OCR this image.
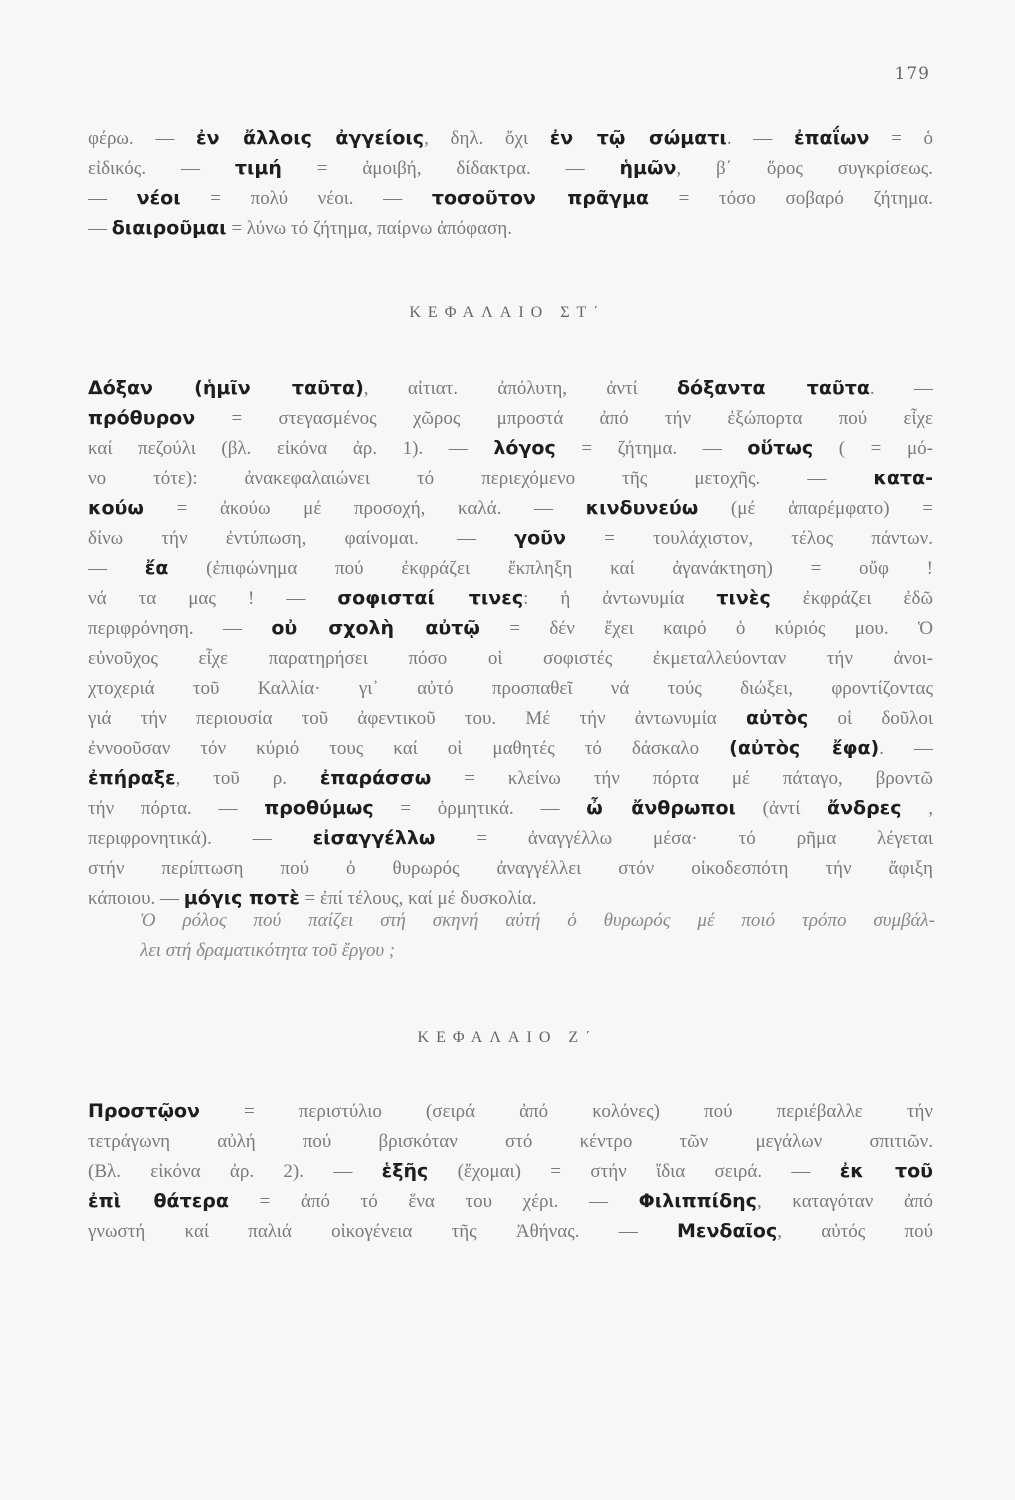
179
φέρω. — ἐν ἄλλοις ἀγγείοις, δηλ. ὄχι ἐν τῷ σώματι. — ἐπαΐων = ὁ
εἰδικός. — τιμή = ἀμοιβή, δίδακτρα. — ἡμῶν, β΄ ὅρος συγκρίσεως.
— νέοι = πολύ νέοι. — τοσοῦτον πρᾶγμα = τόσο σοβαρό ζήτημα.
— διαιροῦμαι = λύνω τό ζήτημα, παίρνω ἀπόφαση.
ΚΕΦΑΛΑΙΟ ΣΤ΄
Δόξαν (ἡμῖν ταῦτα), αἰτιατ. ἀπόλυτη, ἀντί δόξαντα ταῦτα. —
πρόθυρον = στεγασμένος χῶρος μπροστά ἀπό τήν ἐξώπορτα πού εἶχε
καί πεζούλι (βλ. εἰκόνα ἀρ. 1). — λόγος = ζήτημα. — οὕτως ( = μό-
νο τότε): ἀνακεφαλαιώνει τό περιεχόμενο τῆς μετοχῆς. — κατα-
κούω = ἀκούω μέ προσοχή, καλά. — κινδυνεύω (μέ ἀπαρέμφατο) =
δίνω τήν ἐντύπωση, φαίνομαι. — γοῦν = τουλάχιστον, τέλος πάντων.
— ἔα (ἐπιφώνημα πού ἐκφράζει ἔκπληξη καί ἀγανάκτηση) = οὔφ !
νά τα μας ! — σοφισταί τινες: ἡ ἀντωνυμία τινὲς ἐκφράζει ἐδῶ
περιφρόνηση. — οὐ σχολὴ αὐτῷ = δέν ἔχει καιρό ὁ κύριός μου. Ὁ
εὐνοῦχος εἶχε παρατηρήσει πόσο οἱ σοφιστές ἐκμεταλλεύονταν τήν ἀνοι-
χτοχεριά τοῦ Καλλία· γι᾽ αὐτό προσπαθεῖ νά τούς διώξει, φροντίζοντας
γιά τήν περιουσία τοῦ ἀφεντικοῦ του. Μέ τήν ἀντωνυμία αὐτὸς οἱ δοῦλοι
ἐννοοῦσαν τόν κύριό τους καί οἱ μαθητές τό δάσκαλο (αὐτὸς ἔφα). —
ἐπήραξε, τοῦ ρ. ἐπαράσσω = κλείνω τήν πόρτα μέ πάταγο, βροντῶ
τήν πόρτα. — προθύμως = ὁρμητικά. — ὦ ἄνθρωποι (ἀντί ἄνδρες ,
περιφρονητικά). — εἰσαγγέλλω = ἀναγγέλλω μέσα· τό ρῆμα λέγεται
στήν περίπτωση πού ὁ θυρωρός ἀναγγέλλει στόν οἰκοδεσπότη τήν ἄφιξη
κάποιου. — μόγις ποτὲ = ἐπί τέλους, καί μέ δυσκολία.
Ὁ ρόλος πού παίζει στή σκηνή αὐτή ὁ θυρωρός μέ ποιό τρόπο συμβάλ-
λει στή δραματικότητα τοῦ ἔργου ;
ΚΕΦΑΛΑΙΟ Ζ΄
Προστῷον = περιστύλιο (σειρά ἀπό κολόνες) πού περιέβαλλε τήν
τετράγωνη αὐλή πού βρισκόταν στό κέντρο τῶν μεγάλων σπιτιῶν.
(Βλ. εἰκόνα ἀρ. 2). — ἑξῆς (ἔχομαι) = στήν ἴδια σειρά. — ἐκ τοῦ
ἐπὶ θάτερα = ἀπό τό ἕνα του χέρι. — Φιλιππίδης, καταγόταν ἀπό
γνωστή καί παλιά οἰκογένεια τῆς Ἀθήνας. — Μενδαῖος, αὐτός πού
